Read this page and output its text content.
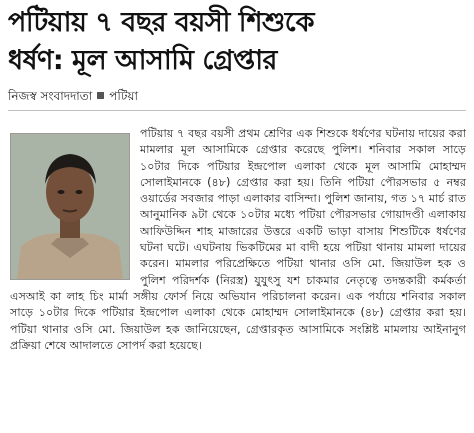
পটিয়ায় ৭ বছর বয়সী শিশুকে
ধর্ষণ: মূল আসামি গ্রেপ্তার
নিজস্ব সংবাদদাতা পটিয়া

পটিয়ায় ৭ বছর বয়সী প্রথম শ্রেণির এক শিশুকে ধর্ষণের ঘটনায় দায়ের করা মামলার মূল আসামিকে গ্রেপ্তার করেছে পুলিশ। শনিবার সকাল সাড়ে ১০টার দিকে পটিয়ার ইন্দ্রপোল এলাকা থেকে মূল আসামি মোহাম্মদ সোলাইমানকে (৪৮) গ্রেপ্তার করা হয়। তিনি পটিয়া পৌরসভার ৫ নম্বর ওয়ার্ডের সবজার পাড়া এলাকার বাসিন্দা। পুলিশ জানায়, গত ১৭ মার্চ রাত আনুমানিক ৯টা থেকে ১০টার মধ্যে পটিয়া পৌরসভার গোয়াদণ্ডী এলাকায় আফিউদ্দিন শাহ মাজারের উত্তরে একটি ভাড়া বাসায় শিশুটিকে ধর্ষণের ঘটনা ঘটে। এঘটনায় ভিকটিমের মা বাদী হয়ে পটিয়া থানায় মামলা দায়ের করেন। মামলার পরিপ্রেক্ষিতে পটিয়া থানার ওসি মো. জিয়াউল হক ও পুলিশ পরিদর্শক (নিরস্ত্র) যুযুৎসু যশ চাকমার নেতৃত্বে তদন্তকারী কর্মকর্তা এসআই কা লাহ চিং মার্মা সঙ্গীয় ফোর্স নিয়ে অভিযান পরিচালনা করেন। এক পর্যায়ে শনিবার সকাল সাড়ে ১০টার দিকে পটিয়ার ইন্দ্রপোল এলাকা থেকে মোহাম্মদ সোলাইমানকে (৪৮) গ্রেপ্তার করা হয়। পটিয়া থানার ওসি মো. জিয়াউল হক জানিয়েছেন, গ্রেপ্তারকৃত আসামিকে সংশ্লিষ্ট মামলায় আইনানুগ প্রক্রিয়া শেষে আদালতে সোপর্দ করা হয়েছে।
